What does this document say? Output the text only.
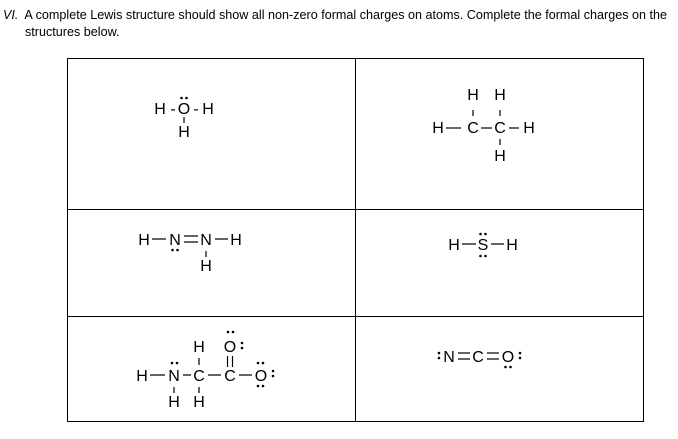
VI. A complete Lewis structure should show all non-zero formal charges on atoms. Complete the formal charges on the
structures below.
H - O - H
H
H H
H C C H
H
H N N H
H
H S H
H O
H N C C O
H H
N C O
